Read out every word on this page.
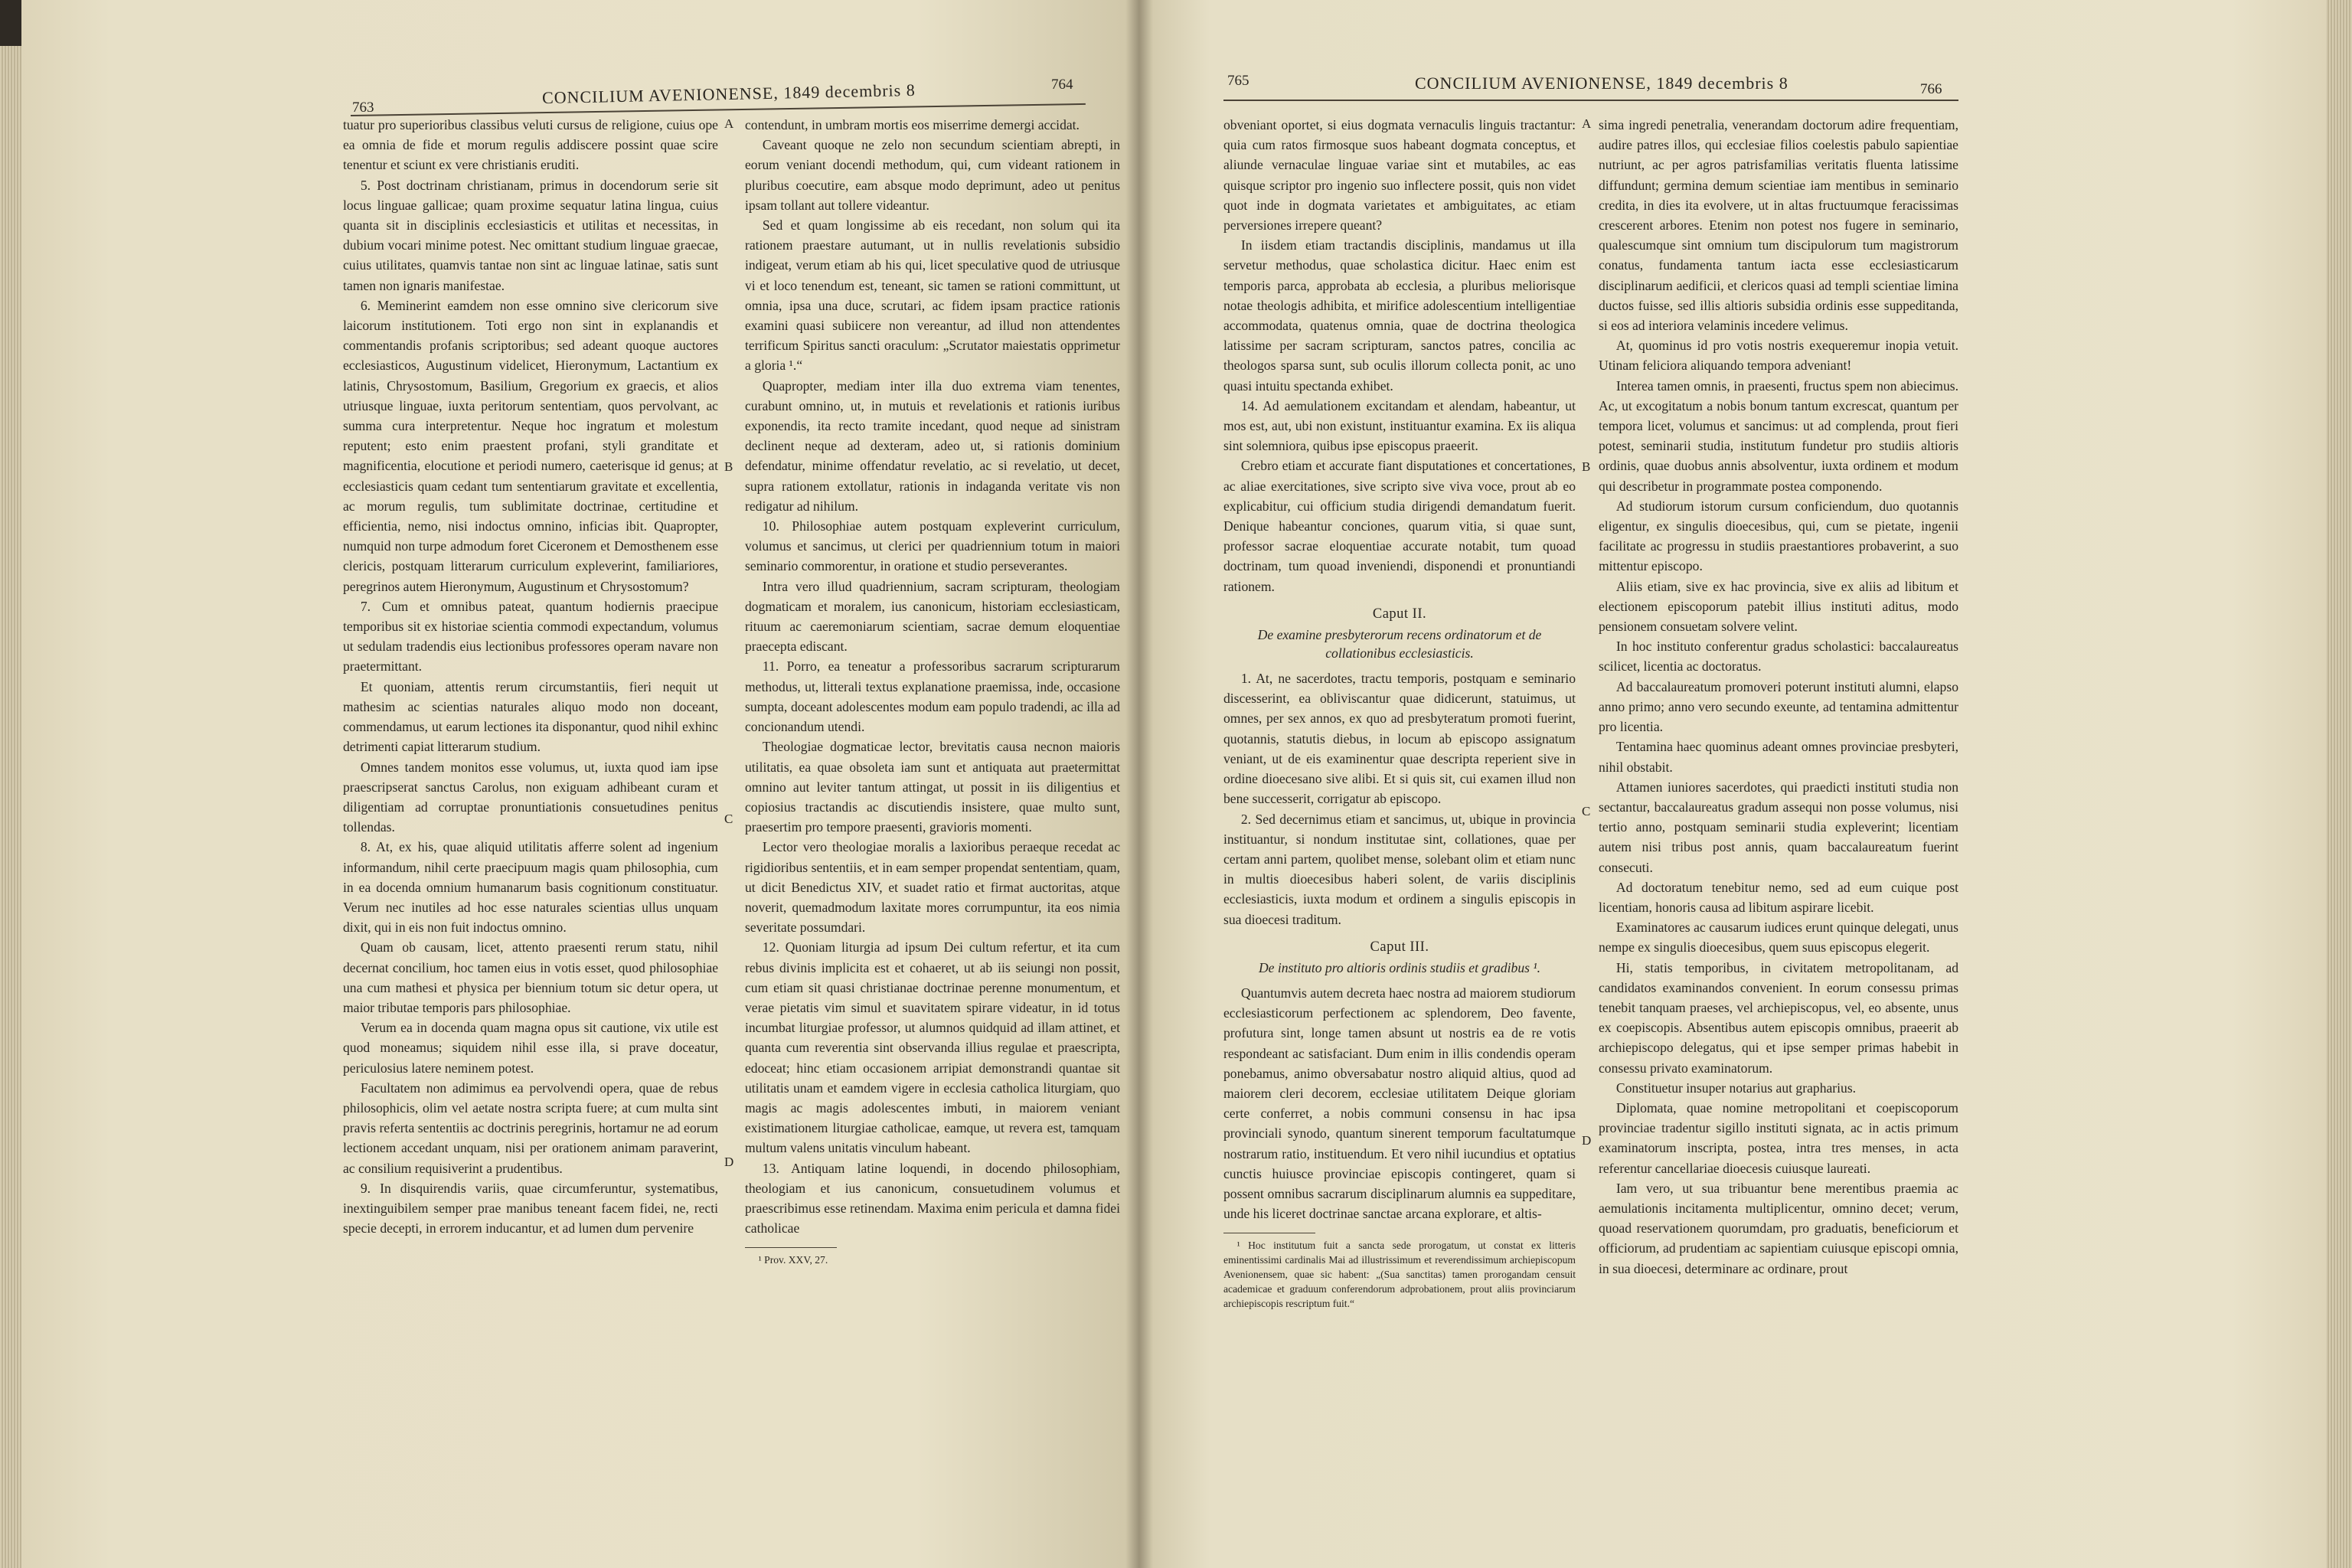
763
CONCILIUM AVENIONENSE, 1849 decembris 8	764

tuatur pro superioribus classibus veluti cursus de religione, cuius ope ea omnia de fide et morum regulis addiscere possint quae scire tenentur et sciunt ex vere christianis eruditi.

5. Post doctrinam christianam, primus in docendorum serie sit locus linguae gallicae; quam proxime sequatur latina lingua, cuius quanta sit in disciplinis ecclesiasticis et utilitas et necessitas, in dubium vocari minime potest. Nec omittant studium linguae graecae, cuius utilitates, quamvis tantae non sint ac linguae latinae, satis sunt tamen non ignaris manifestae.

6. Meminerint eamdem non esse omnino sive clericorum sive laicorum institutionem. Toti ergo non sint in explanandis et commentandis profanis scriptoribus; sed adeant quoque auctores ecclesiasticos, Augustinum videlicet, Hieronymum, Lactantium ex latinis, Chrysostomum, Basilium, Gregorium ex graecis, et alios utriusque linguae, iuxta peritorum sententiam, quos pervolvant, ac summa cura interpretentur. Neque hoc ingratum et molestum reputent; esto enim praestent profani, styli granditate et magnificentia, elocutione et periodi numero, caeterisque id genus; at ecclesiasticis quam cedant tum sententiarum gravitate et excellentia, ac morum regulis, tum sublimitate doctrinae, certitudine et efficientia, nemo, nisi indoctus omnino, inficias ibit. Quapropter, numquid non turpe admodum foret Ciceronem et Demosthenem esse clericis, postquam litterarum curriculum expleverint, familiariores, peregrinos autem Hieronymum, Augustinum et Chrysostomum?

7. Cum et omnibus pateat, quantum hodiernis praecipue temporibus sit ex historiae scientia commodi expectandum, volumus ut sedulam tradendis eius lectionibus professores operam navare non praetermittant.

Et quoniam, attentis rerum circumstantiis, fieri nequit ut mathesim ac scientias naturales aliquo modo non doceant, commendamus, ut earum lectiones ita disponantur, quod nihil exhinc detrimenti capiat litterarum studium.

Omnes tandem monitos esse volumus, ut, iuxta quod iam ipse praescripserat sanctus Carolus, non exiguam adhibeant curam et diligentiam ad corruptae pronuntiationis consuetudines penitus tollendas.

8. At, ex his, quae aliquid utilitatis afferre solent ad ingenium informandum, nihil certe praecipuum magis quam philosophia, cum in ea docenda omnium humanarum basis cognitionum constituatur. Verum nec inutiles ad hoc esse naturales scientias ullus unquam dixit, qui in eis non fuit indoctus omnino.

Quam ob causam, licet, attento praesenti rerum statu, nihil decernat concilium, hoc tamen eius in votis esset, quod philosophiae una cum mathesi et physica per biennium totum sic detur opera, ut maior tributae temporis pars philosophiae.

Verum ea in docenda quam magna opus sit cautione, vix utile est quod moneamus; siquidem nihil esse illa, si prave doceatur, periculosius latere neminem potest.

Facultatem non adimimus ea pervolvendi opera, quae de rebus philosophicis, olim vel aetate nostra scripta fuere; at cum multa sint pravis referta sententiis ac doctrinis peregrinis, hortamur ne ad eorum lectionem accedant unquam, nisi per orationem animam paraverint, ac consilium requisiverint a prudentibus.

9. In disquirendis variis, quae circumferuntur, systematibus, inextinguibilem semper prae manibus teneant facem fidei, ne, recti specie decepti, in errorem inducantur, et ad lumen dum pervenire

A
B
C
D

contendunt, in umbram mortis eos miserrime demergi accidat.

Caveant quoque ne zelo non secundum scientiam abrepti, in eorum veniant docendi methodum, qui, cum videant rationem in pluribus coecutire, eam absque modo deprimunt, adeo ut penitus ipsam tollant aut tollere videantur.

Sed et quam longissime ab eis recedant, non solum qui ita rationem praestare autumant, ut in nullis revelationis subsidio indigeat, verum etiam ab his qui, licet speculative quod de utriusque vi et loco tenendum est, teneant, sic tamen se rationi committunt, ut omnia, ipsa una duce, scrutari, ac fidem ipsam practice rationis examini quasi subiicere non vereantur, ad illud non attendentes terrificum Spiritus sancti oraculum: „Scrutator maiestatis opprimetur a gloria ¹.“

Quapropter, mediam inter illa duo extrema viam tenentes, curabunt omnino, ut, in mutuis et revelationis et rationis iuribus exponendis, ita recto tramite incedant, quod neque ad sinistram declinent neque ad dexteram, adeo ut, si rationis dominium defendatur, minime offendatur revelatio, ac si revelatio, ut decet, supra rationem extollatur, rationis in indaganda veritate vis non redigatur ad nihilum.

10. Philosophiae autem postquam expleverint curriculum, volumus et sancimus, ut clerici per quadriennium totum in maiori seminario commorentur, in oratione et studio perseverantes.

Intra vero illud quadriennium, sacram scripturam, theologiam dogmaticam et moralem, ius canonicum, historiam ecclesiasticam, rituum ac caeremoniarum scientiam, sacrae demum eloquentiae praecepta ediscant.

11. Porro, ea teneatur a professoribus sacrarum scripturarum methodus, ut, litterali textus explanatione praemissa, inde, occasione sumpta, doceant adolescentes modum eam populo tradendi, ac illa ad concionandum utendi.

Theologiae dogmaticae lector, brevitatis causa necnon maioris utilitatis, ea quae obsoleta iam sunt et antiquata aut praetermittat omnino aut leviter tantum attingat, ut possit in iis diligentius et copiosius tractandis ac discutiendis insistere, quae multo sunt, praesertim pro tempore praesenti, gravioris momenti.

Lector vero theologiae moralis a laxioribus peraeque recedat ac rigidioribus sententiis, et in eam semper propendat sententiam, quam, ut dicit Benedictus XIV, et suadet ratio et firmat auctoritas, atque noverit, quemadmodum laxitate mores corrumpuntur, ita eos nimia severitate possumdari.

12. Quoniam liturgia ad ipsum Dei cultum refertur, et ita cum rebus divinis implicita est et cohaeret, ut ab iis seiungi non possit, cum etiam sit quasi christianae doctrinae perenne monumentum, et verae pietatis vim simul et suavitatem spirare videatur, in id totus incumbat liturgiae professor, ut alumnos quidquid ad illam attinet, et quanta cum reverentia sint observanda illius regulae et praescripta, edoceat; hinc etiam occasionem arripiat demonstrandi quantae sit utilitatis unam et eamdem vigere in ecclesia catholica liturgiam, quo magis ac magis adolescentes imbuti, in maiorem veniant existimationem liturgiae catholicae, eamque, ut revera est, tamquam multum valens unitatis vinculum habeant.

13. Antiquam latine loquendi, in docendo philosophiam, theologiam et ius canonicum, consuetudinem volumus et praescribimus esse retinendam. Maxima enim pericula et damna fidei catholicae

¹ Prov. XXV, 27.
765	CONCILIUM AVENIONENSE, 1849 decembris 8	766

obveniant oportet, si eius dogmata vernaculis linguis tractantur: quia cum ratos firmosque suos habeant dogmata conceptus, et aliunde vernaculae linguae variae sint et mutabiles, ac eas quisque scriptor pro ingenio suo inflectere possit, quis non videt quot inde in dogmata varietates et ambiguitates, ac etiam perversiones irrepere queant?

In iisdem etiam tractandis disciplinis, mandamus ut illa servetur methodus, quae scholastica dicitur. Haec enim est temporis parca, approbata ab ecclesia, a pluribus meliorisque notae theologis adhibita, et mirifice adolescentium intelligentiae accommodata, quatenus omnia, quae de doctrina theologica latissime per sacram scripturam, sanctos patres, concilia ac theologos sparsa sunt, sub oculis illorum collecta ponit, ac uno quasi intuitu spectanda exhibet.

14. Ad aemulationem excitandam et alendam, habeantur, ut mos est, aut, ubi non existunt, instituantur examina. Ex iis aliqua sint solemniora, quibus ipse episcopus praeerit.

Crebro etiam et accurate fiant disputationes et concertationes, ac aliae exercitationes, sive scripto sive viva voce, prout ab eo explicabitur, cui officium studia dirigendi demandatum fuerit. Denique habeantur conciones, quarum vitia, si quae sunt, professor sacrae eloquentiae accurate notabit, tum quoad doctrinam, tum quoad inveniendi, disponendi et pronuntiandi rationem.

Caput II.
De examine presbyterorum recens ordinatorum et de collationibus ecclesiasticis.

1. At, ne sacerdotes, tractu temporis, postquam e seminario discesserint, ea obliviscantur quae didicerunt, statuimus, ut omnes, per sex annos, ex quo ad presbyteratum promoti fuerint, quotannis, statutis diebus, in locum ab episcopo assignatum veniant, ut de eis examinentur quae descripta reperient sive in ordine dioecesano sive alibi. Et si quis sit, cui examen illud non bene successerit, corrigatur ab episcopo.

2. Sed decernimus etiam et sancimus, ut, ubique in provincia instituantur, si nondum institutae sint, collationes, quae per certam anni partem, quolibet mense, solebant olim et etiam nunc in multis dioecesibus haberi solent, de variis disciplinis ecclesiasticis, iuxta modum et ordinem a singulis episcopis in sua dioecesi traditum.

Caput III.
De instituto pro altioris ordinis studiis et gradibus ¹.

Quantumvis autem decreta haec nostra ad maiorem studiorum ecclesiasticorum perfectionem ac splendorem, Deo favente, profutura sint, longe tamen absunt ut nostris ea de re votis respondeant ac satisfaciant. Dum enim in illis condendis operam ponebamus, animo obversabatur nostro aliquid altius, quod ad maiorem cleri decorem, ecclesiae utilitatem Deique gloriam certe conferret, a nobis communi consensu in hac ipsa provinciali synodo, quantum sinerent temporum facultatumque nostrarum ratio, instituendum. Et vero nihil iucundius et optatius cunctis huiusce provinciae episcopis contingeret, quam si possent omnibus sacrarum disciplinarum alumnis ea suppeditare, unde his liceret doctrinae sanctae arcana explorare, et altis-

¹ Hoc institutum fuit a sancta sede prorogatum, ut constat ex litteris eminentissimi cardinalis Mai ad illustrissimum et reverendissimum archiepiscopum Avenionensem, quae sic habent: „(Sua sanctitas) tamen prorogandam censuit academicae et graduum conferendorum adprobationem, prout aliis provinciarum archiepiscopis rescriptum fuit.“
A
B
C
D

sima ingredi penetralia, venerandam doctorum adire frequentiam, audire patres illos, qui ecclesiae filios coelestis pabulo sapientiae nutriunt, ac per agros patrisfamilias veritatis fluenta latissime diffundunt; germina demum scientiae iam mentibus in seminario credita, in dies ita evolvere, ut in altas fructuumque feracissimas crescerent arbores. Etenim non potest nos fugere in seminario, qualescumque sint omnium tum discipulorum tum magistrorum conatus, fundamenta tantum iacta esse ecclesiasticarum disciplinarum aedificii, et clericos quasi ad templi scientiae limina ductos fuisse, sed illis altioris subsidia ordinis esse suppeditanda, si eos ad interiora velaminis incedere velimus.

At, quominus id pro votis nostris exequeremur inopia vetuit. Utinam feliciora aliquando tempora adveniant!

Interea tamen omnis, in praesenti, fructus spem non abiecimus. Ac, ut excogitatum a nobis bonum tantum excrescat, quantum per tempora licet, volumus et sancimus: ut ad complenda, prout fieri potest, seminarii studia, institutum fundetur pro studiis altioris ordinis, quae duobus annis absolventur, iuxta ordinem et modum qui describetur in programmate postea componendo.

Ad studiorum istorum cursum conficiendum, duo quotannis eligentur, ex singulis dioecesibus, qui, cum se pietate, ingenii facilitate ac progressu in studiis praestantiores probaverint, a suo mittentur episcopo.

Aliis etiam, sive ex hac provincia, sive ex aliis ad libitum et electionem episcoporum patebit illius instituti aditus, modo pensionem consuetam solvere velint.

In hoc instituto conferentur gradus scholastici: baccalaureatus scilicet, licentia ac doctoratus.

Ad baccalaureatum promoveri poterunt instituti alumni, elapso anno primo; anno vero secundo exeunte, ad tentamina admittentur pro licentia.

Tentamina haec quominus adeant omnes provinciae presbyteri, nihil obstabit.

Attamen iuniores sacerdotes, qui praedicti instituti studia non sectantur, baccalaureatus gradum assequi non posse volumus, nisi tertio anno, postquam seminarii studia expleverint; licentiam autem nisi tribus post annis, quam baccalaureatum fuerint consecuti.

Ad doctoratum tenebitur nemo, sed ad eum cuique post licentiam, honoris causa ad libitum aspirare licebit.

Examinatores ac causarum iudices erunt quinque delegati, unus nempe ex singulis dioecesibus, quem suus episcopus elegerit.

Hi, statis temporibus, in civitatem metropolitanam, ad candidatos examinandos convenient. In eorum consessu primas tenebit tanquam praeses, vel archiepiscopus, vel, eo absente, unus ex coepiscopis. Absentibus autem episcopis omnibus, praeerit ab archiepiscopo delegatus, qui et ipse semper primas habebit in consessu privato examinatorum.

Constituetur insuper notarius aut grapharius.

Diplomata, quae nomine metropolitani et coepiscoporum provinciae tradentur sigillo instituti signata, ac in actis primum examinatorum inscripta, postea, intra tres menses, in acta referentur cancellariae dioecesis cuiusque laureati.

Iam vero, ut sua tribuantur bene merentibus praemia ac aemulationis incitamenta multiplicentur, omnino decet; verum, quoad reservationem quorumdam, pro graduatis, beneficiorum et officiorum, ad prudentiam ac sapientiam cuiusque episcopi omnia, in sua dioecesi, determinare ac ordinare, prout
